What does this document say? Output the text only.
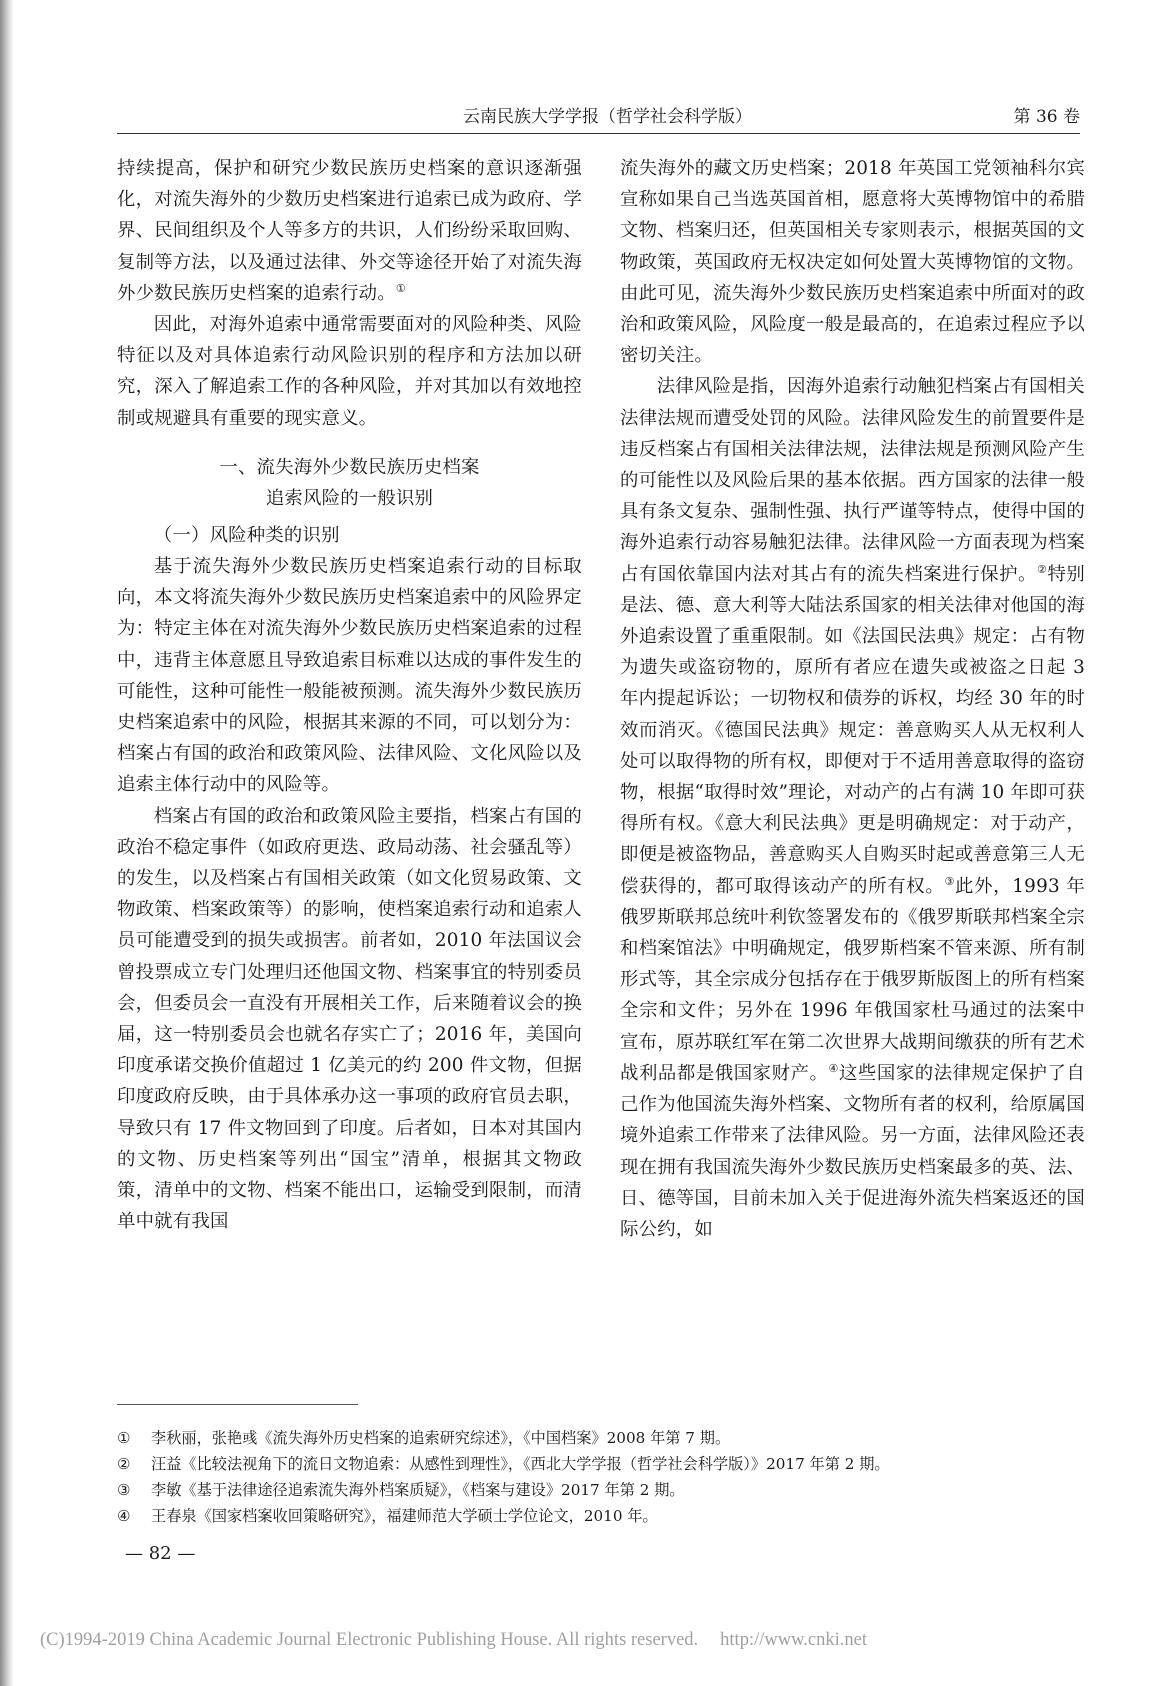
云南民族大学学报（哲学社会科学版）	第 36 卷

持续提高，保护和研究少数民族历史档案的意识逐渐强化，对流失海外的少数历史档案进行追索已成为政府、学界、民间组织及个人等多方的共识，人们纷纷采取回购、复制等方法，以及通过法律、外交等途径开始了对流失海外少数民族历史档案的追索行动。①

因此，对海外追索中通常需要面对的风险种类、风险特征以及对具体追索行动风险识别的程序和方法加以研究，深入了解追索工作的各种风险，并对其加以有效地控制或规避具有重要的现实意义。

一、流失海外少数民族历史档案
追索风险的一般识别

（一）风险种类的识别

基于流失海外少数民族历史档案追索行动的目标取向，本文将流失海外少数民族历史档案追索中的风险界定为：特定主体在对流失海外少数民族历史档案追索的过程中，违背主体意愿且导致追索目标难以达成的事件发生的可能性，这种可能性一般能被预测。流失海外少数民族历史档案追索中的风险，根据其来源的不同，可以划分为：档案占有国的政治和政策风险、法律风险、文化风险以及追索主体行动中的风险等。

档案占有国的政治和政策风险主要指，档案占有国的政治不稳定事件（如政府更迭、政局动荡、社会骚乱等）的发生，以及档案占有国相关政策（如文化贸易政策、文物政策、档案政策等）的影响，使档案追索行动和追索人员可能遭受到的损失或损害。前者如，2010 年法国议会曾投票成立专门处理归还他国文物、档案事宜的特别委员会，但委员会一直没有开展相关工作，后来随着议会的换届，这一特别委员会也就名存实亡了；2016 年，美国向印度承诺交换价值超过 1 亿美元的约 200 件文物，但据印度政府反映，由于具体承办这一事项的政府官员去职，导致只有 17 件文物回到了印度。后者如，日本对其国内的文物、历史档案等列出“国宝”清单，根据其文物政策，清单中的文物、档案不能出口，运输受到限制，而清单中就有我国

流失海外的藏文历史档案；2018 年英国工党领袖科尔宾宣称如果自己当选英国首相，愿意将大英博物馆中的希腊文物、档案归还，但英国相关专家则表示，根据英国的文物政策，英国政府无权决定如何处置大英博物馆的文物。由此可见，流失海外少数民族历史档案追索中所面对的政治和政策风险，风险度一般是最高的，在追索过程应予以密切关注。

法律风险是指，因海外追索行动触犯档案占有国相关法律法规而遭受处罚的风险。法律风险发生的前置要件是违反档案占有国相关法律法规，法律法规是预测风险产生的可能性以及风险后果的基本依据。西方国家的法律一般具有条文复杂、强制性强、执行严谨等特点，使得中国的海外追索行动容易触犯法律。法律风险一方面表现为档案占有国依靠国内法对其占有的流失档案进行保护。②特别是法、德、意大利等大陆法系国家的相关法律对他国的海外追索设置了重重限制。如《法国民法典》规定：占有物为遗失或盗窃物的，原所有者应在遗失或被盗之日起 3 年内提起诉讼；一切物权和债券的诉权，均经 30 年的时效而消灭。《德国民法典》规定：善意购买人从无权利人处可以取得物的所有权，即便对于不适用善意取得的盗窃物，根据“取得时效”理论，对动产的占有满 10 年即可获得所有权。《意大利民法典》更是明确规定：对于动产，即便是被盗物品，善意购买人自购买时起或善意第三人无偿获得的，都可取得该动产的所有权。③此外，1993 年俄罗斯联邦总统叶利钦签署发布的《俄罗斯联邦档案全宗和档案馆法》中明确规定，俄罗斯档案不管来源、所有制形式等，其全宗成分包括存在于俄罗斯版图上的所有档案全宗和文件；另外在 1996 年俄国家杜马通过的法案中宣布，原苏联红军在第二次世界大战期间缴获的所有艺术战利品都是俄国家财产。④这些国家的法律规定保护了自己作为他国流失海外档案、文物所有者的权利，给原属国境外追索工作带来了法律风险。另一方面，法律风险还表现在拥有我国流失海外少数民族历史档案最多的英、法、日、德等国，目前未加入关于促进海外流失档案返还的国际公约，如

①	李秋丽，张艳彧《流失海外历史档案的追索研究综述》，《中国档案》2008 年第 7 期。
②	汪益《比较法视角下的流日文物追索：从感性到理性》，《西北大学学报（哲学社会科学版）》2017 年第 2 期。
③	李敏《基于法律途径追索流失海外档案质疑》，《档案与建设》2017 年第 2 期。
④	王春泉《国家档案收回策略研究》，福建师范大学硕士学位论文，2010 年。
— 82 —
(C)1994-2019 China Academic Journal Electronic Publishing House. All rights reserved. http://www.cnki.net
